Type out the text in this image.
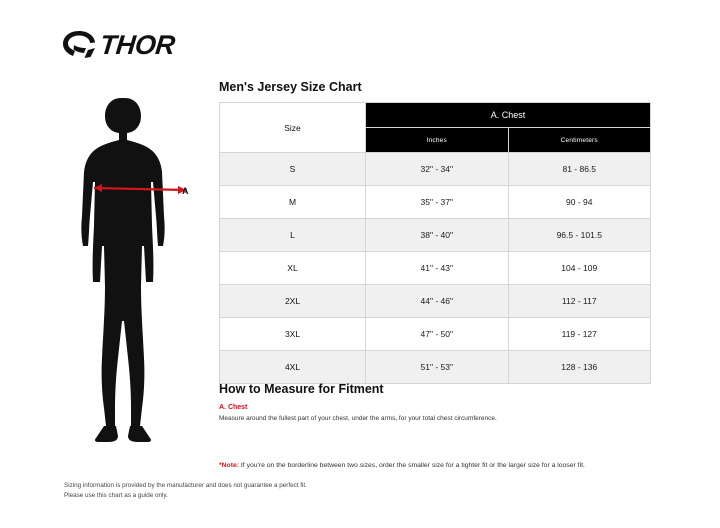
THOR
A
Men's Jersey Size Chart
Size	A. Chest	
	Inches	Centimeters
S	32" - 34"	81 - 86.5
M	35" - 37"	90 - 94
L	38" - 40"	96.5 - 101.5
XL	41" - 43"	104 - 109
2XL	44" - 46"	112 - 117
3XL	47" - 50"	119 - 127
4XL	51" - 53"	128 - 136
How to Measure for Fitment
A. Chest
Measure around the fullest part of your chest, under the arms, for your total chest circumference.
*Note: If you're on the borderline between two sizes, order the smaller size for a tighter fit or the larger size for a looser fit.
Sizing information is provided by the manufacturer and does not guarantee a perfect fit.
Please use this chart as a guide only.
